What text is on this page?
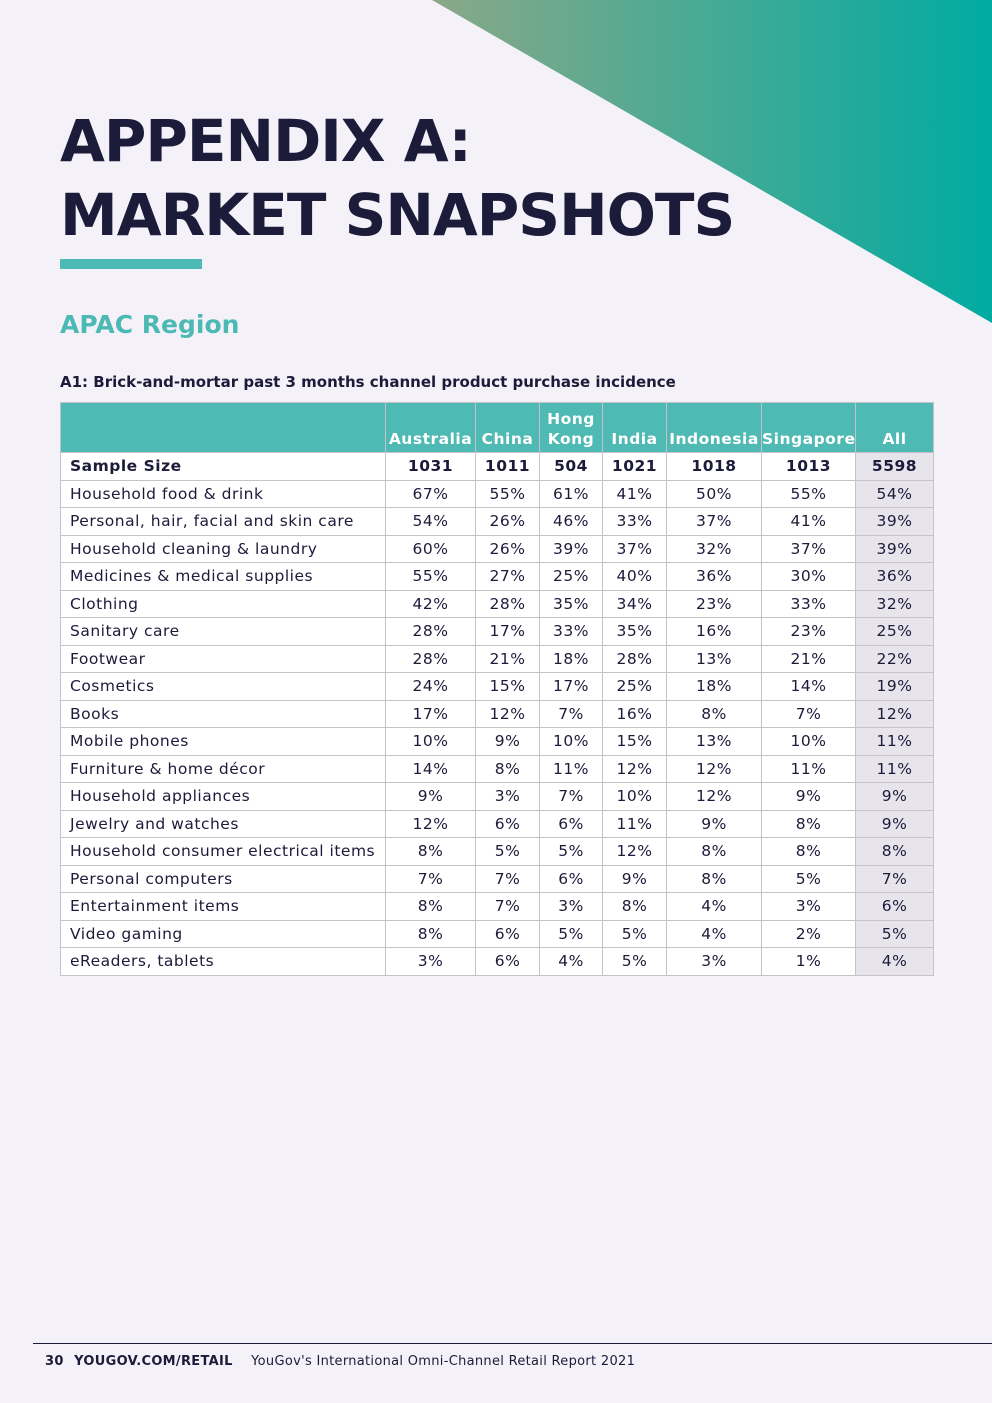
APPENDIX A:
MARKET SNAPSHOTS
APAC Region

A1: Brick-and-mortar past 3 months channel product purchase incidence

	Australia	China	Hong Kong	India	Indonesia	Singapore	All
Sample Size	1031	1011	504	1021	1018	1013	5598
Household food & drink	67%	55%	61%	41%	50%	55%	54%
Personal, hair, facial and skin care	54%	26%	46%	33%	37%	41%	39%
Household cleaning & laundry	60%	26%	39%	37%	32%	37%	39%
Medicines & medical supplies	55%	27%	25%	40%	36%	30%	36%
Clothing	42%	28%	35%	34%	23%	33%	32%
Sanitary care	28%	17%	33%	35%	16%	23%	25%
Footwear	28%	21%	18%	28%	13%	21%	22%
Cosmetics	24%	15%	17%	25%	18%	14%	19%
Books	17%	12%	7%	16%	8%	7%	12%
Mobile phones	10%	9%	10%	15%	13%	10%	11%
Furniture & home décor	14%	8%	11%	12%	12%	11%	11%
Household appliances	9%	3%	7%	10%	12%	9%	9%
Jewelry and watches	12%	6%	6%	11%	9%	8%	9%
Household consumer electrical items	8%	5%	5%	12%	8%	8%	8%
Personal computers	7%	7%	6%	9%	8%	5%	7%
Entertainment items	8%	7%	3%	8%	4%	3%	6%
Video gaming	8%	6%	5%	5%	4%	2%	5%
eReaders, tablets	3%	6%	4%	5%	3%	1%	4%
30 YOUGOV.COM/RETAIL YouGov's International Omni-Channel Retail Report 2021
